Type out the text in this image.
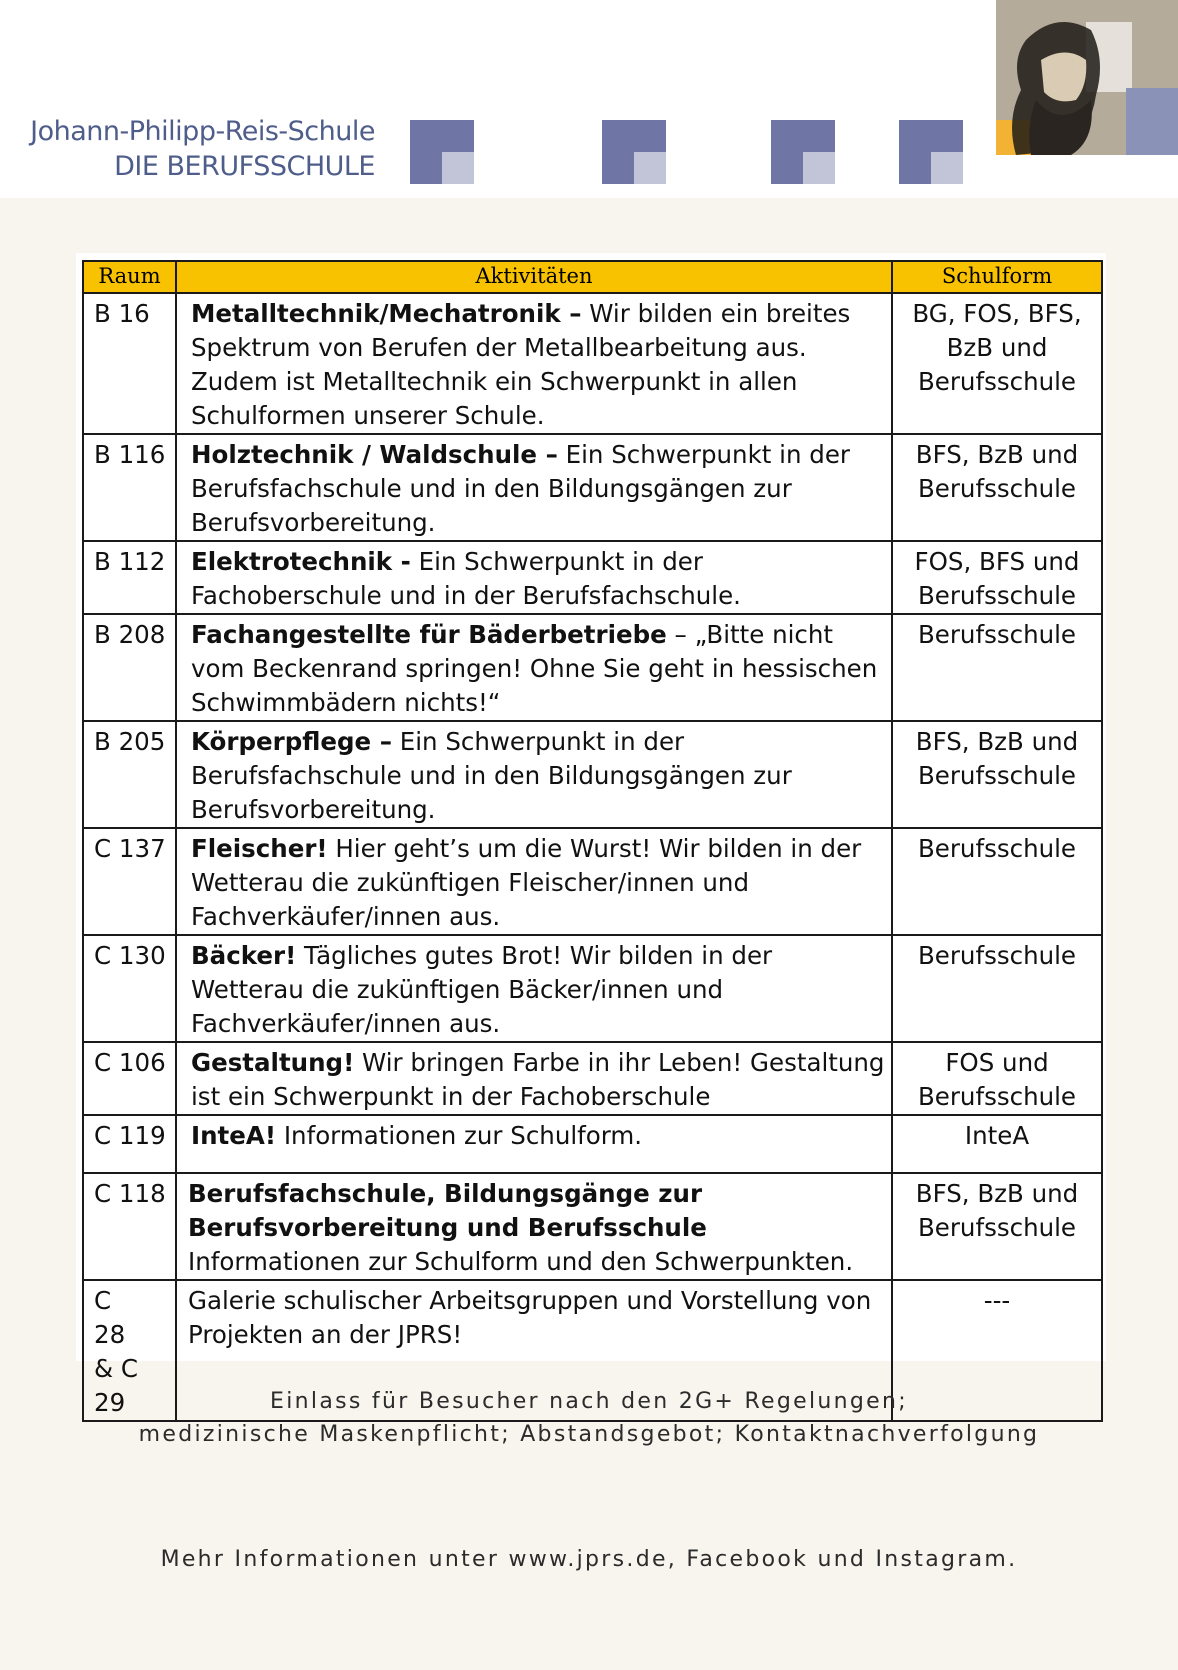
Johann-Philipp-Reis-Schule
DIE BERUFSSCHULE
Raum	Aktivitäten	Schulform
B 16	Metalltechnik/Mechatronik – Wir bilden ein breites Spektrum von Berufen der Metallbearbeitung aus. Zudem ist Metalltechnik ein Schwerpunkt in allen Schulformen unserer Schule.	BG, FOS, BFS, BzB und Berufsschule
B 116	Holztechnik / Waldschule – Ein Schwerpunkt in der Berufsfachschule und in den Bildungsgängen zur Berufsvorbereitung.	BFS, BzB und Berufsschule
B 112	Elektrotechnik - Ein Schwerpunkt in der Fachoberschule und in der Berufsfachschule.	FOS, BFS und Berufsschule
B 208	Fachangestellte für Bäderbetriebe – „Bitte nicht vom Beckenrand springen! Ohne Sie geht in hessischen Schwimmbädern nichts!“	Berufsschule
B 205	Körperpflege – Ein Schwerpunkt in der Berufsfachschule und in den Bildungsgängen zur Berufsvorbereitung.	BFS, BzB und Berufsschule
C 137	Fleischer! Hier geht’s um die Wurst! Wir bilden in der Wetterau die zukünftigen Fleischer/innen und Fachverkäufer/innen aus.	Berufsschule
C 130	Bäcker! Tägliches gutes Brot! Wir bilden in der Wetterau die zukünftigen Bäcker/innen und Fachverkäufer/innen aus.	Berufsschule
C 106	Gestaltung! Wir bringen Farbe in ihr Leben! Gestaltung ist ein Schwerpunkt in der Fachoberschule	FOS und Berufsschule
C 119	InteA! Informationen zur Schulform.	InteA
C 118	Berufsfachschule, Bildungsgänge zur Berufsvorbereitung und Berufsschule Informationen zur Schulform und den Schwerpunkten.	BFS, BzB und Berufsschule
C 28 & C 29	Galerie schulischer Arbeitsgruppen und Vorstellung von Projekten an der JPRS!	---
Einlass für Besucher nach den 2G+ Regelungen;
medizinische Maskenpflicht; Abstandsgebot; Kontaktnachverfolgung
Mehr Informationen unter www.jprs.de, Facebook und Instagram.
